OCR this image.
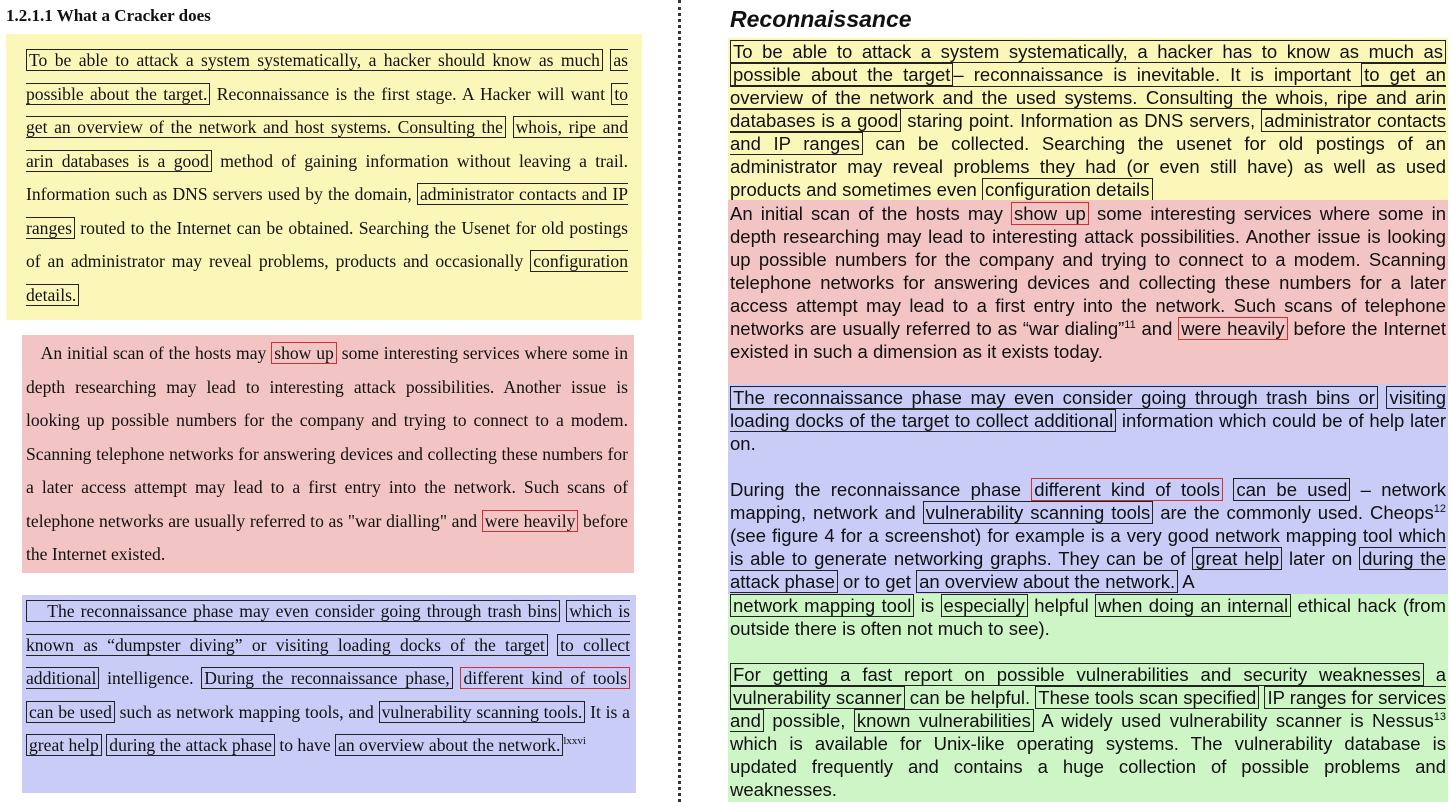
1.2.1.1 What a Cracker does

To be able to attack a system systematically, a hacker should know as much as possible about the target. Reconnaissance is the first stage. A Hacker will want to get an overview of the network and host systems. Consulting the whois, ripe and arin databases is a good method of gaining information without leaving a trail. Information such as DNS servers used by the domain, administrator contacts and IP ranges routed to the Internet can be obtained. Searching the Usenet for old postings of an administrator may reveal problems, products and occasionally configuration details.

An initial scan of the hosts may show up some interesting services where some in depth researching may lead to interesting attack possibilities. Another issue is looking up possible numbers for the company and trying to connect to a modem. Scanning telephone networks for answering devices and collecting these numbers for a later access attempt may lead to a first entry into the network. Such scans of telephone networks are usually referred to as "war dialling" and were heavily before the Internet existed.

The reconnaissance phase may even consider going through trash bins which is known as “dumpster diving” or visiting loading docks of the target to collect additional intelligence. During the reconnaissance phase, different kind of tools can be used such as network mapping tools, and vulnerability scanning tools. It is a great help during the attack phase to have an overview about the network. $^{lxxvi}$

Reconnaissance

To be able to attack a system systematically, a hacker has to know as much as possible about the target – reconnaissance is inevitable. It is important to get an overview of the network and the used systems. Consulting the whois, ripe and arin databases is a good staring point. Information as DNS servers, administrator contacts and IP ranges can be collected. Searching the usenet for old postings of an administrator may reveal problems they had (or even still have) as well as used products and sometimes even configuration details

An initial scan of the hosts may show up some interesting services where some in depth researching may lead to interesting attack possibilities. Another issue is looking up possible numbers for the company and trying to connect to a modem. Scanning telephone networks for answering devices and collecting these numbers for a later access attempt may lead to a first entry into the network. Such scans of telephone networks are usually referred to as “war dialing”$^{11}$ and were heavily before the Internet existed in such a dimension as it exists today.

The reconnaissance phase may even consider going through trash bins or visiting loading docks of the target to collect additional information which could be of help later on.

During the reconnaissance phase different kind of tools can be used – network mapping, network and vulnerability scanning tools are the commonly used. Cheops$^{12}$ (see figure 4 for a screenshot) for example is a very good network mapping tool which is able to generate networking graphs. They can be of great help later on during the attack phase or to get an overview about the network. A

network mapping tool is especially helpful when doing an internal ethical hack (from outside there is often not much to see).

For getting a fast report on possible vulnerabilities and security weaknesses a vulnerability scanner can be helpful. These tools scan specified IP ranges for services and possible, known vulnerabilities A widely used vulnerability scanner is Nessus$^{13}$ which is available for Unix-like operating systems. The vulnerability database is updated frequently and contains a huge collection of possible problems and weaknesses.
